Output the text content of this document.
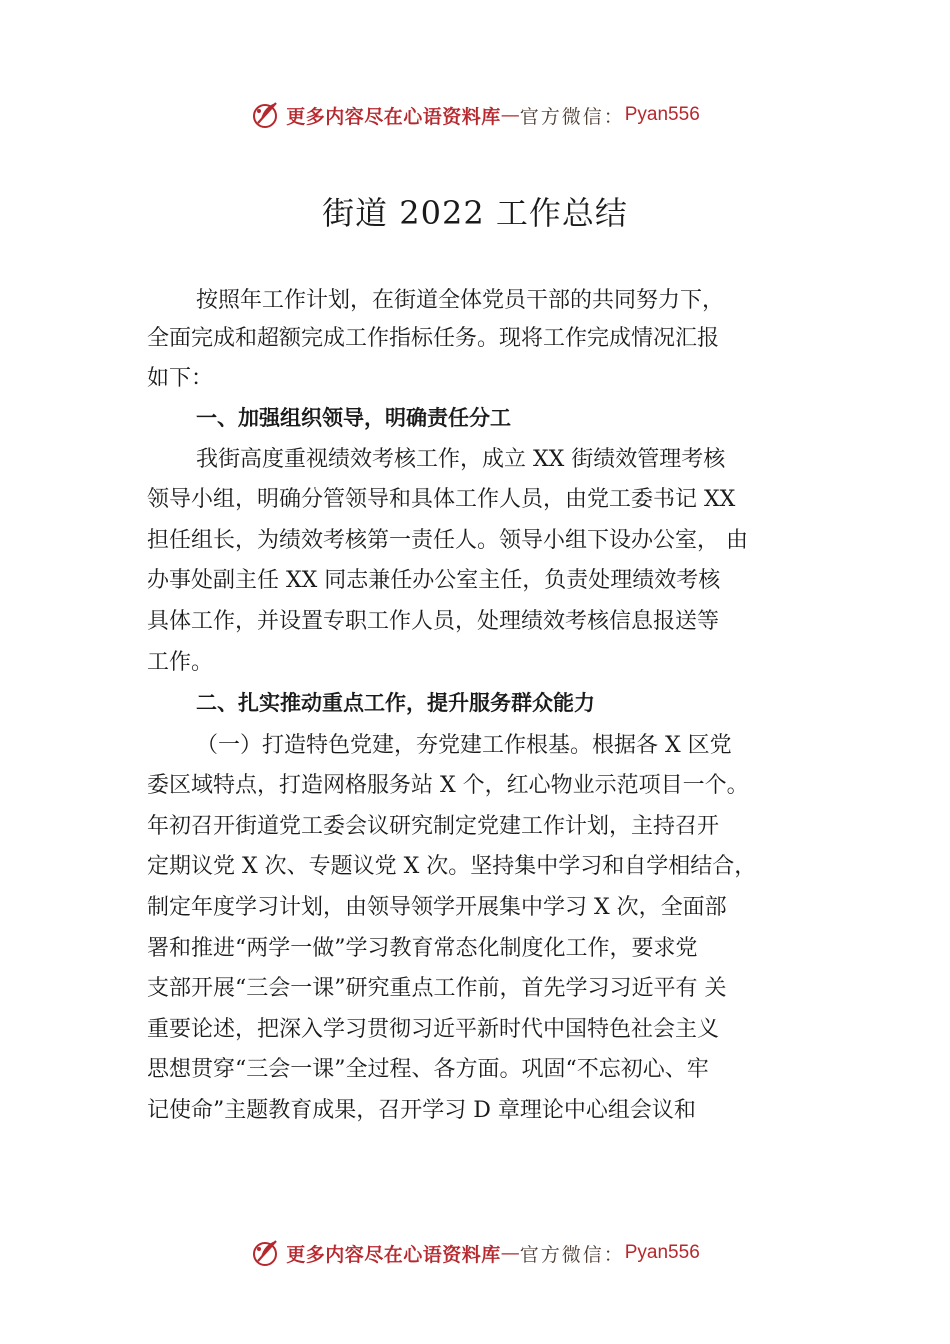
更多内容尽在心语资料库 — 官方微信： Pyan556
街道 2022 工作总结
按照年工作计划，在街道全体党员干部的共同努力下，
全面完成和超额完成工作指标任务。现将工作完成情况汇报
如下：
一、加强组织领导，明确责任分工
我街高度重视绩效考核工作，成立 XX 街绩效管理考核
领导小组，明确分管领导和具体工作人员，由党工委书记 XX
担任组长，为绩效考核第一责任人。领导小组下设办公室， 由
办事处副主任 XX 同志兼任办公室主任，负责处理绩效考核
具体工作，并设置专职工作人员，处理绩效考核信息报送等
工作。
二、扎实推动重点工作，提升服务群众能力
（一）打造特色党建，夯党建工作根基。根据各 X 区党
委区域特点，打造网格服务站 X 个，红心物业示范项目一个。
年初召开街道党工委会议研究制定党建工作计划，主持召开
定期议党 X 次、专题议党 X 次。坚持集中学习和自学相结合，
制定年度学习计划，由领导领学开展集中学习 X 次，全面部
署和推进“两学一做”学习教育常态化制度化工作，要求党
支部开展“三会一课”研究重点工作前，首先学习习近平有 关
重要论述，把深入学习贯彻习近平新时代中国特色社会主义
思想贯穿“三会一课”全过程、各方面。巩固“不忘初心、牢
记使命”主题教育成果，召开学习 D 章理论中心组会议和
更多内容尽在心语资料库 — 官方微信： Pyan556
